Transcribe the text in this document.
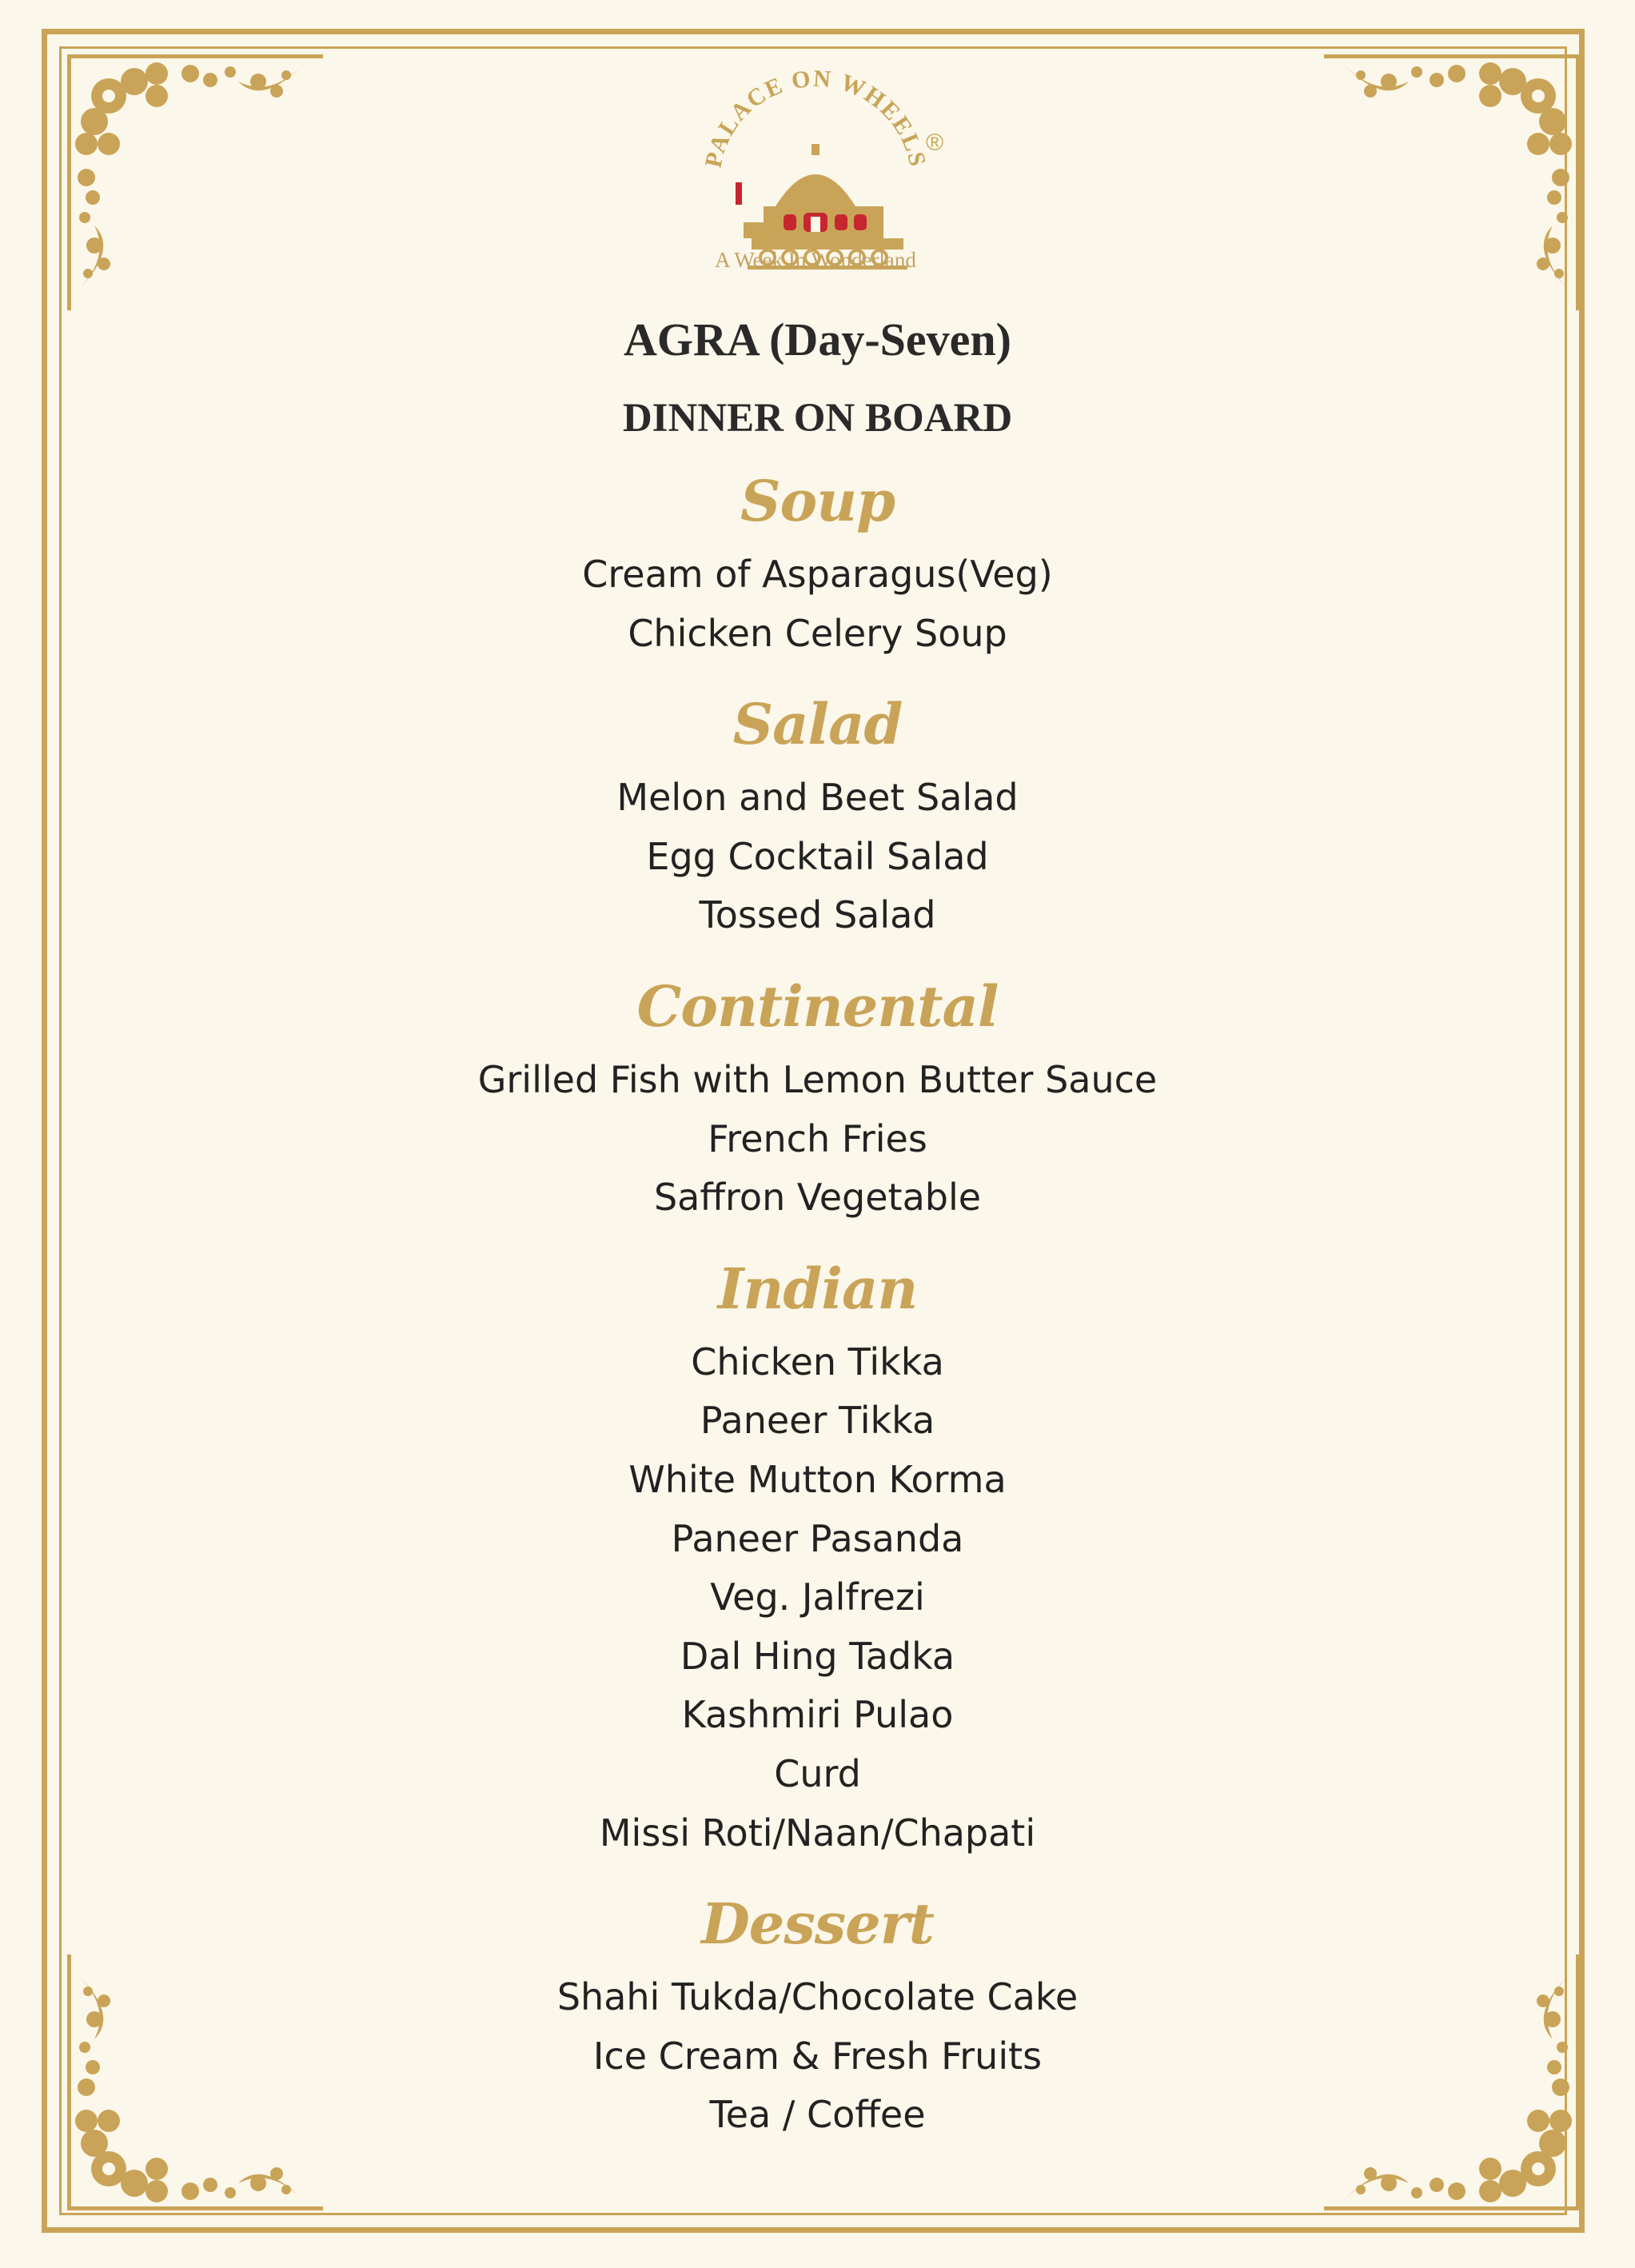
PALACE ON WHEELS
®
A Week In Wonderland
AGRA (Day-Seven)
DINNER ON BOARD
Soup
Cream of Asparagus(Veg)
Chicken Celery Soup
Salad
Melon and Beet Salad
Egg Cocktail Salad
Tossed Salad
Continental
Grilled Fish with Lemon Butter Sauce
French Fries
Saffron Vegetable
Indian
Chicken Tikka
Paneer Tikka
White Mutton Korma
Paneer Pasanda
Veg. Jalfrezi
Dal Hing Tadka
Kashmiri Pulao
Curd
Missi Roti/Naan/Chapati
Dessert
Shahi Tukda/Chocolate Cake
Ice Cream & Fresh Fruits
Tea / Coffee
